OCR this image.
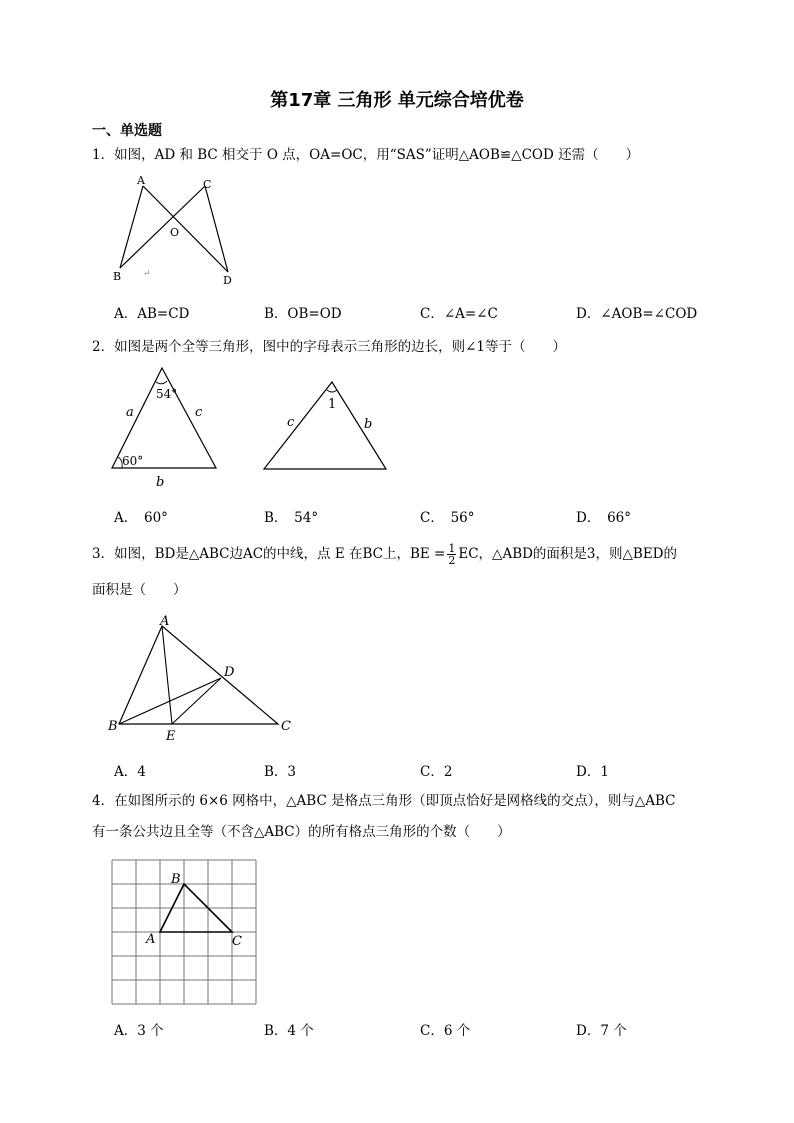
第17章 三角形 单元综合培优卷
一、单选题
1．如图，AD 和 BC 相交于 O 点，OA=OC，用“SAS”证明△AOB≌△COD 还需（　　）
A	C
O
B	D
↵
A．AB=CD	B．OB=OD	C．∠A=∠C	D．∠AOB=∠COD
2．如图是两个全等三角形，图中的字母表示三角形的边长，则∠1等于（　　）
54°
a	c
60°
b
1
c	b
A．　60°	B．　54°	C．　56°	D．　66°
3．如图，BD是△ABC边AC的中线，点 E 在BC上，BE = $\frac{1}{2}$ EC，△ABD的面积是3，则△BED的
面积是（　　）
A
D
B
E
C
A．4	B．3	C．2	D．1
4．在如图所示的 6×6 网格中，△ABC 是格点三角形（即顶点恰好是网格线的交点），则与△ABC
有一条公共边且全等（不含△ABC）的所有格点三角形的个数（　　）
B
A	C
A．3 个	B．4 个	C．6 个	D．7 个
